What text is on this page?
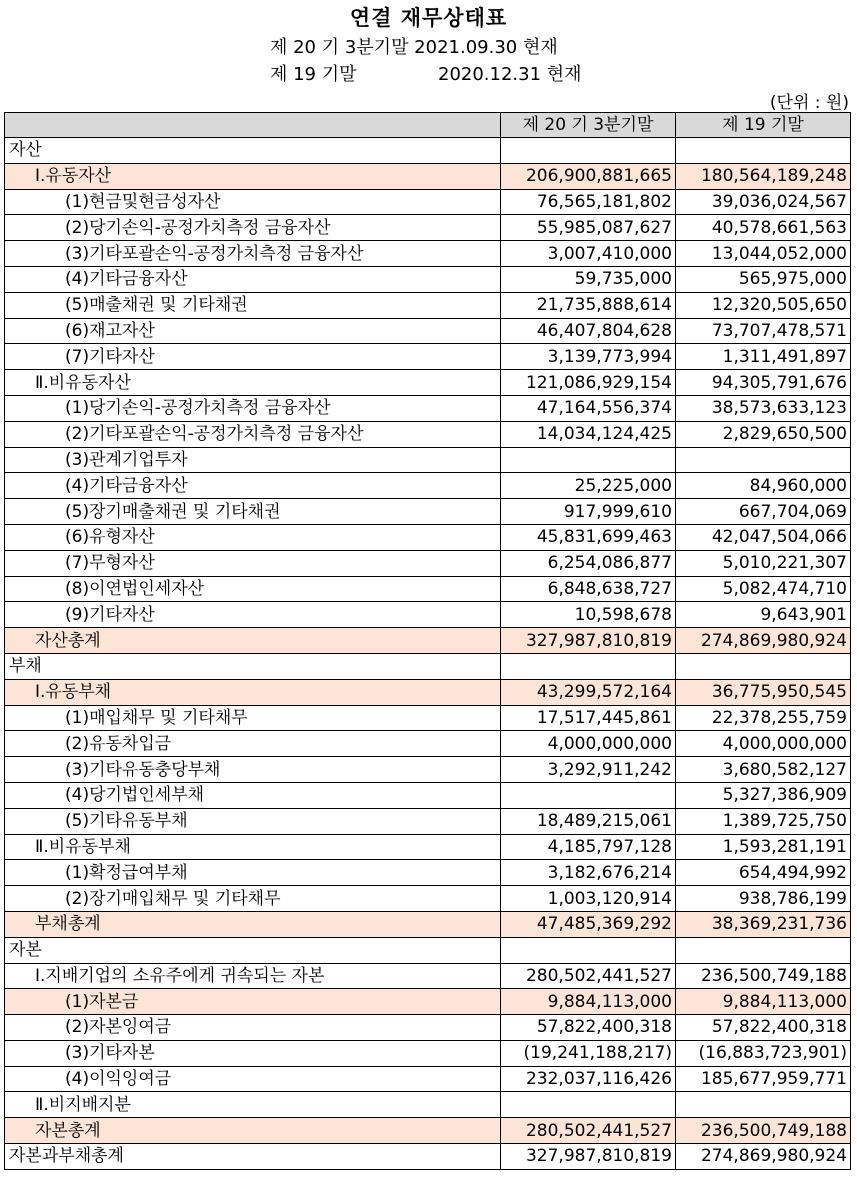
연결 재무상태표
제 20 기 3분기말 2021.09.30 현재
제 19 기말	2020.12.31 현재
(단위 : 원)
	제 20 기 3분기말	제 19 기말
자산		
Ⅰ.유동자산	206,900,881,665	180,564,189,248
(1)현금및현금성자산	76,565,181,802	39,036,024,567
(2)당기손익-공정가치측정 금융자산	55,985,087,627	40,578,661,563
(3)기타포괄손익-공정가치측정 금융자산	3,007,410,000	13,044,052,000
(4)기타금융자산	59,735,000	565,975,000
(5)매출채권 및 기타채권	21,735,888,614	12,320,505,650
(6)재고자산	46,407,804,628	73,707,478,571
(7)기타자산	3,139,773,994	1,311,491,897
Ⅱ.비유동자산	121,086,929,154	94,305,791,676
(1)당기손익-공정가치측정 금융자산	47,164,556,374	38,573,633,123
(2)기타포괄손익-공정가치측정 금융자산	14,034,124,425	2,829,650,500
(3)관계기업투자		
(4)기타금융자산	25,225,000	84,960,000
(5)장기매출채권 및 기타채권	917,999,610	667,704,069
(6)유형자산	45,831,699,463	42,047,504,066
(7)무형자산	6,254,086,877	5,010,221,307
(8)이연법인세자산	6,848,638,727	5,082,474,710
(9)기타자산	10,598,678	9,643,901
자산총계	327,987,810,819	274,869,980,924
부채		
Ⅰ.유동부채	43,299,572,164	36,775,950,545
(1)매입채무 및 기타채무	17,517,445,861	22,378,255,759
(2)유동차입금	4,000,000,000	4,000,000,000
(3)기타유동충당부채	3,292,911,242	3,680,582,127
(4)당기법인세부채		5,327,386,909
(5)기타유동부채	18,489,215,061	1,389,725,750
Ⅱ.비유동부채	4,185,797,128	1,593,281,191
(1)확정급여부채	3,182,676,214	654,494,992
(2)장기매입채무 및 기타채무	1,003,120,914	938,786,199
부채총계	47,485,369,292	38,369,231,736
자본		
Ⅰ.지배기업의 소유주에게 귀속되는 자본	280,502,441,527	236,500,749,188
(1)자본금	9,884,113,000	9,884,113,000
(2)자본잉여금	57,822,400,318	57,822,400,318
(3)기타자본	(19,241,188,217)	(16,883,723,901)
(4)이익잉여금	232,037,116,426	185,677,959,771
Ⅱ.비지배지분		
자본총계	280,502,441,527	236,500,749,188
자본과부채총계	327,987,810,819	274,869,980,924
